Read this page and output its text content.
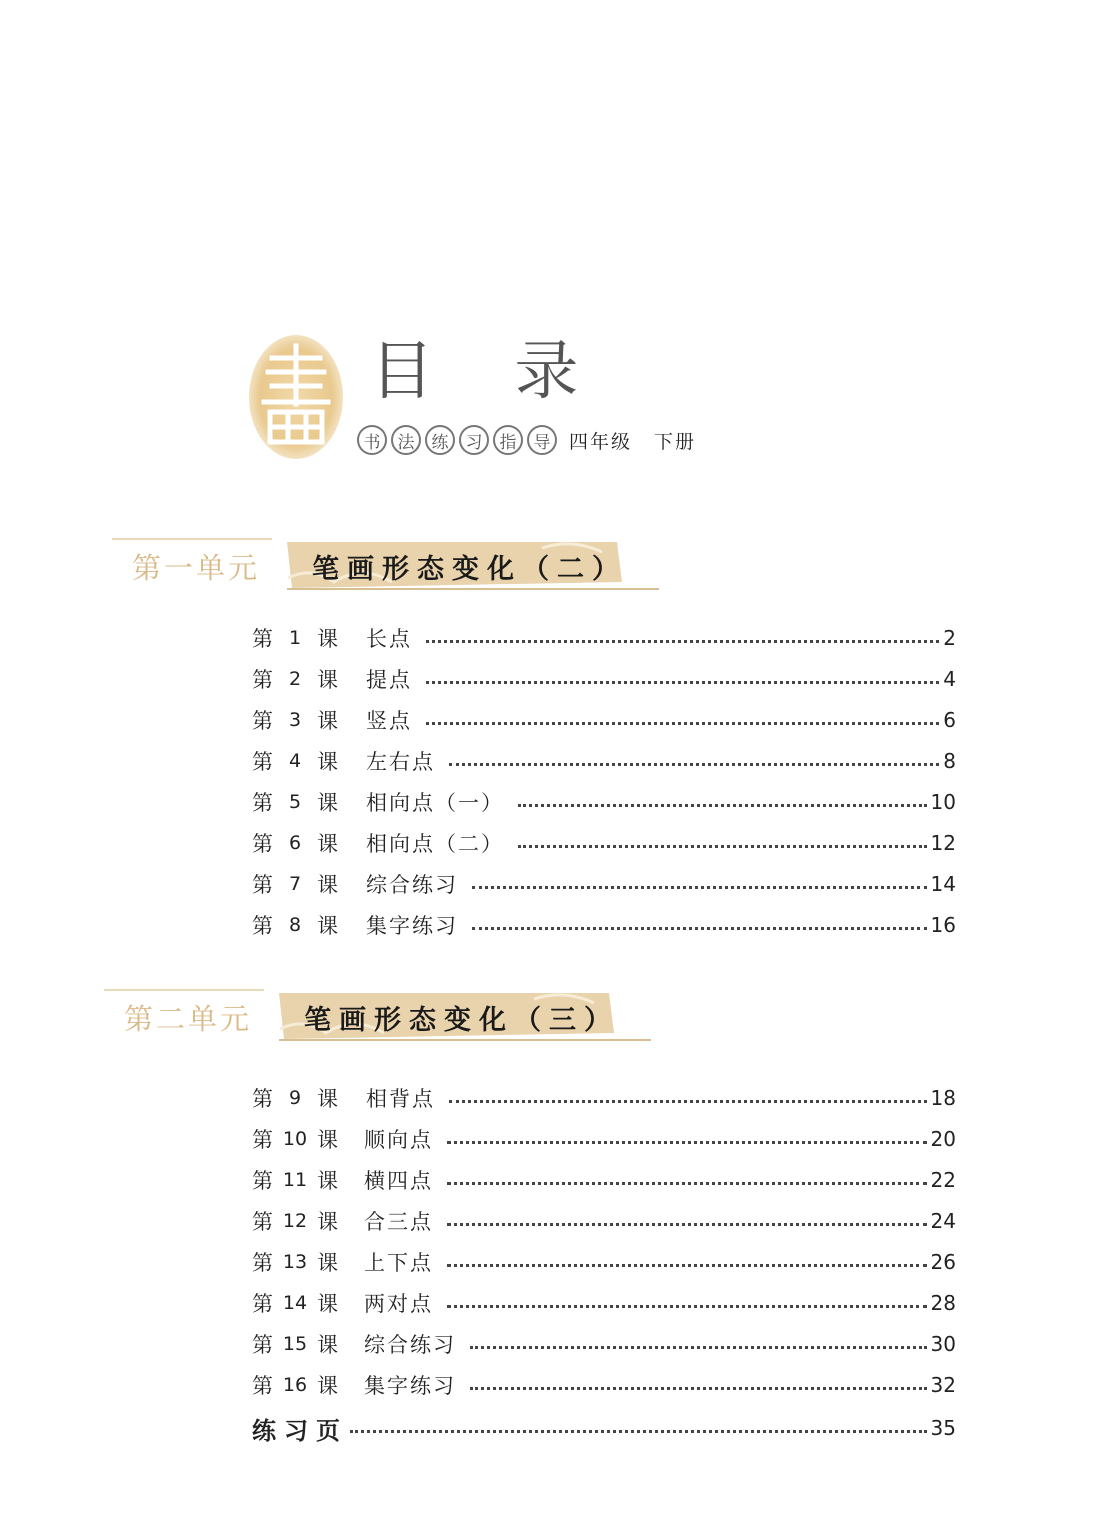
目 录
书	法	练	习	指	导 四年级 下册
第一单元 笔画形态变化（二）
第 1 课 长点	2
第 2 课 提点	4
第 3 课 竖点	6
第 4 课 左右点	8
第 5 课 相向点（一）	10
第 6 课 相向点（二）	12
第 7 课 综合练习	14
第 8 课 集字练习	16
第二单元 笔画形态变化（三）
第 9 课 相背点	18
第 10 课 顺向点	20
第 11 课 横四点	22
第 12 课 合三点	24
第 13 课 上下点	26
第 14 课 两对点	28
第 15 课 综合练习	30
第 16 课 集字练习	32
练习页	35
